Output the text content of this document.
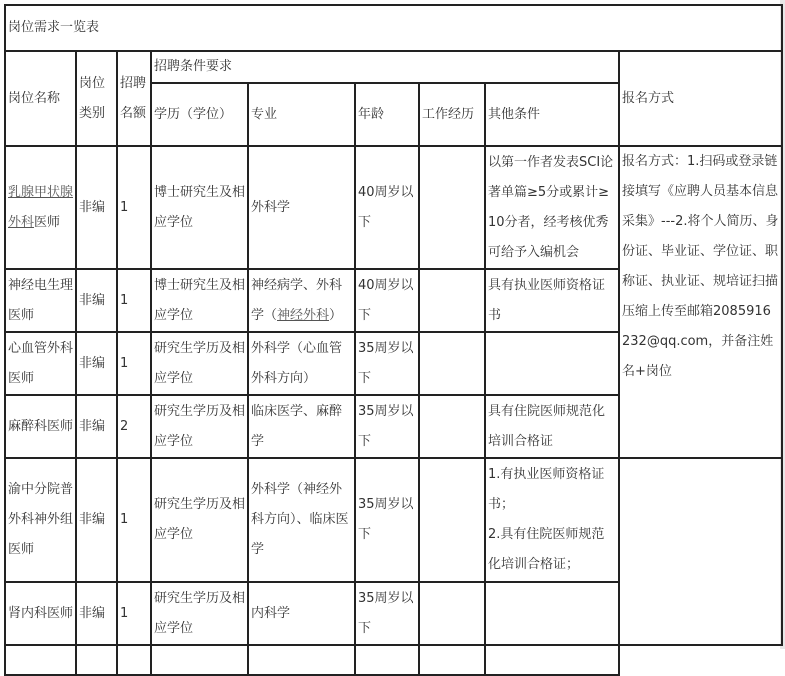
岗位需求一览表								
岗位名称	岗位类别	招聘名额	招聘条件要求					报名方式
			学历（学位）	专业	年龄	工作经历	其他条件	
乳腺甲状腺外科医师	非编	1	博士研究生及相应学位	外科学	40周岁以下		以第一作者发表SCI论著单篇≥5分或累计≥10分者，经考核优秀可给予入编机会	报名方式：1.扫码或登录链接填写《应聘人员基本信息采集》---2.将个人简历、身份证、毕业证、学位证、职称证、执业证、规培证扫描压缩上传至邮箱2085916232@qq.com，并备注姓名+岗位
神经电生理医师	非编	1	博士研究生及相应学位	神经病学、外科学（神经外科）	40周岁以下		具有执业医师资格证书	
心血管外科医师	非编	1	研究生学历及相应学位	外科学（心血管外科方向）	35周岁以下			
麻醉科医师	非编	2	研究生学历及相应学位	临床医学、麻醉学	35周岁以下		具有住院医师规范化培训合格证	
渝中分院普外科神外组医师	非编	1	研究生学历及相应学位	外科学（神经外科方向）、临床医学	35周岁以下		1.有执业医师资格证书；
2.具有住院医师规范化培训合格证；	

肾内科医师	非编	1	研究生学历及相应学位	内科学	35周岁以下			
